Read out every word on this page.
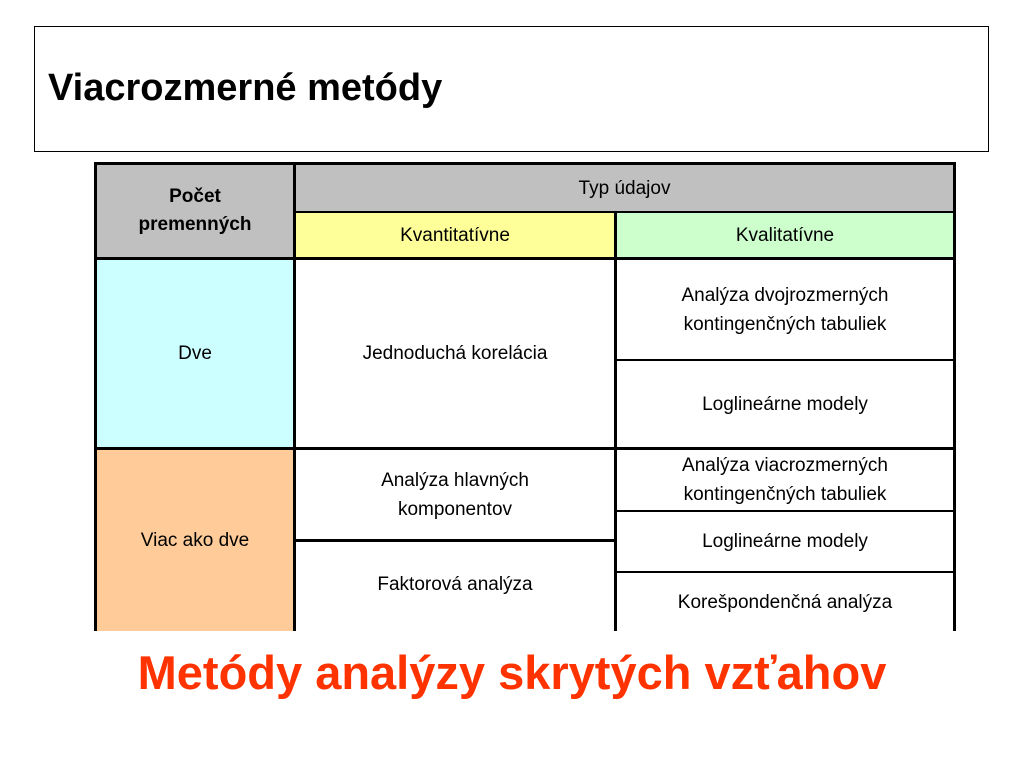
Viacrozmerné metódy
Počet
premenných
Typ údajov
Kvantitatívne	Kvalitatívne
Dve	Jednoduchá korelácia
Analýza dvojrozmerných kontingenčných tabuliek
Loglineárne modely
Viac ako dve
Analýza hlavných komponentov
Faktorová analýza
Analýza viacrozmerných kontingenčných tabuliek
Loglineárne modely
Korešpondenčná analýza

Metódy analýzy skrytých vzťahov
